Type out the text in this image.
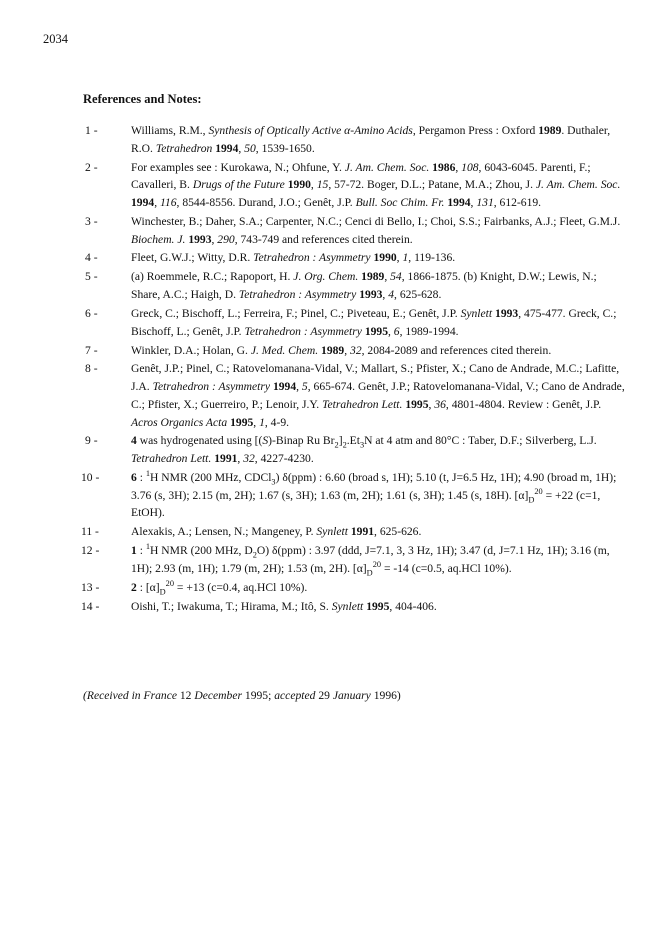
2034
References and Notes:
1 -	Williams, R.M., Synthesis of Optically Active α-Amino Acids, Pergamon Press : Oxford 1989. Duthaler, R.O. Tetrahedron 1994, 50, 1539-1650.
2 -	For examples see : Kurokawa, N.; Ohfune, Y. J. Am. Chem. Soc. 1986, 108, 6043-6045. Parenti, F.; Cavalleri, B. Drugs of the Future 1990, 15, 57-72. Boger, D.L.; Patane, M.A.; Zhou, J. J. Am. Chem. Soc. 1994, 116, 8544-8556. Durand, J.O.; Genêt, J.P. Bull. Soc Chim. Fr. 1994, 131, 612-619.
3 -	Winchester, B.; Daher, S.A.; Carpenter, N.C.; Cenci di Bello, I.; Choi, S.S.; Fairbanks, A.J.; Fleet, G.M.J. Biochem. J. 1993, 290, 743-749 and references cited therein.
4 -	Fleet, G.W.J.; Witty, D.R. Tetrahedron : Asymmetry 1990, 1, 119-136.
5 -	(a) Roemmele, R.C.; Rapoport, H. J. Org. Chem. 1989, 54, 1866-1875. (b) Knight, D.W.; Lewis, N.; Share, A.C.; Haigh, D. Tetrahedron : Asymmetry 1993, 4, 625-628.
6 -	Greck, C.; Bischoff, L.; Ferreira, F.; Pinel, C.; Piveteau, E.; Genêt, J.P. Synlett 1993, 475-477. Greck, C.; Bischoff, L.; Genêt, J.P. Tetrahedron : Asymmetry 1995, 6, 1989-1994.
7 -	Winkler, D.A.; Holan, G. J. Med. Chem. 1989, 32, 2084-2089 and references cited therein.
8 -	Genêt, J.P.; Pinel, C.; Ratovelomanana-Vidal, V.; Mallart, S.; Pfister, X.; Cano de Andrade, M.C.; Lafitte, J.A. Tetrahedron : Asymmetry 1994, 5, 665-674. Genêt, J.P.; Ratovelomanana-Vidal, V.; Cano de Andrade, C.; Pfister, X.; Guerreiro, P.; Lenoir, J.Y. Tetrahedron Lett. 1995, 36, 4801-4804. Review : Genêt, J.P. Acros Organics Acta 1995, 1, 4-9.
9 -	4 was hydrogenated using [(S)-Binap Ru $Br_2]_2.Et_3N$ at 4 atm and 80°C : Taber, D.F.; Silverberg, L.J. Tetrahedron Lett. 1991, 32, 4227-4230.
10 -	6 : $^1$H NMR (200 MHz, CDCl$_3$) δ(ppm) : 6.60 (broad s, 1H); 5.10 (t, J=6.5 Hz, 1H); 4.90 (broad m, 1H); 3.76 (s, 3H); 2.15 (m, 2H); 1.67 (s, 3H); 1.63 (m, 2H); 1.61 (s, 3H); 1.45 (s, 18H). $[\alpha]_D^{20} = +22$ (c=1, EtOH).
11 -	Alexakis, A.; Lensen, N.; Mangeney, P. Synlett 1991, 625-626.
12 -	1 : $^1$H NMR (200 MHz, $D_2O$) δ(ppm) : 3.97 (ddd, J=7.1, 3, 3 Hz, 1H); 3.47 (d, J=7.1 Hz, 1H); 3.16 (m, 1H); 2.93 (m, 1H); 1.79 (m, 2H); 1.53 (m, 2H). $[\alpha]_D^{20} = -14$ (c=0.5, aq.HCl 10%).
13 -	2 : $[\alpha]_D^{20} = +13$ (c=0.4, aq.HCl 10%).
14 -	Oishi, T.; Iwakuma, T.; Hirama, M.; Itô, S. Synlett 1995, 404-406.
(Received in France 12 December 1995; accepted 29 January 1996)
